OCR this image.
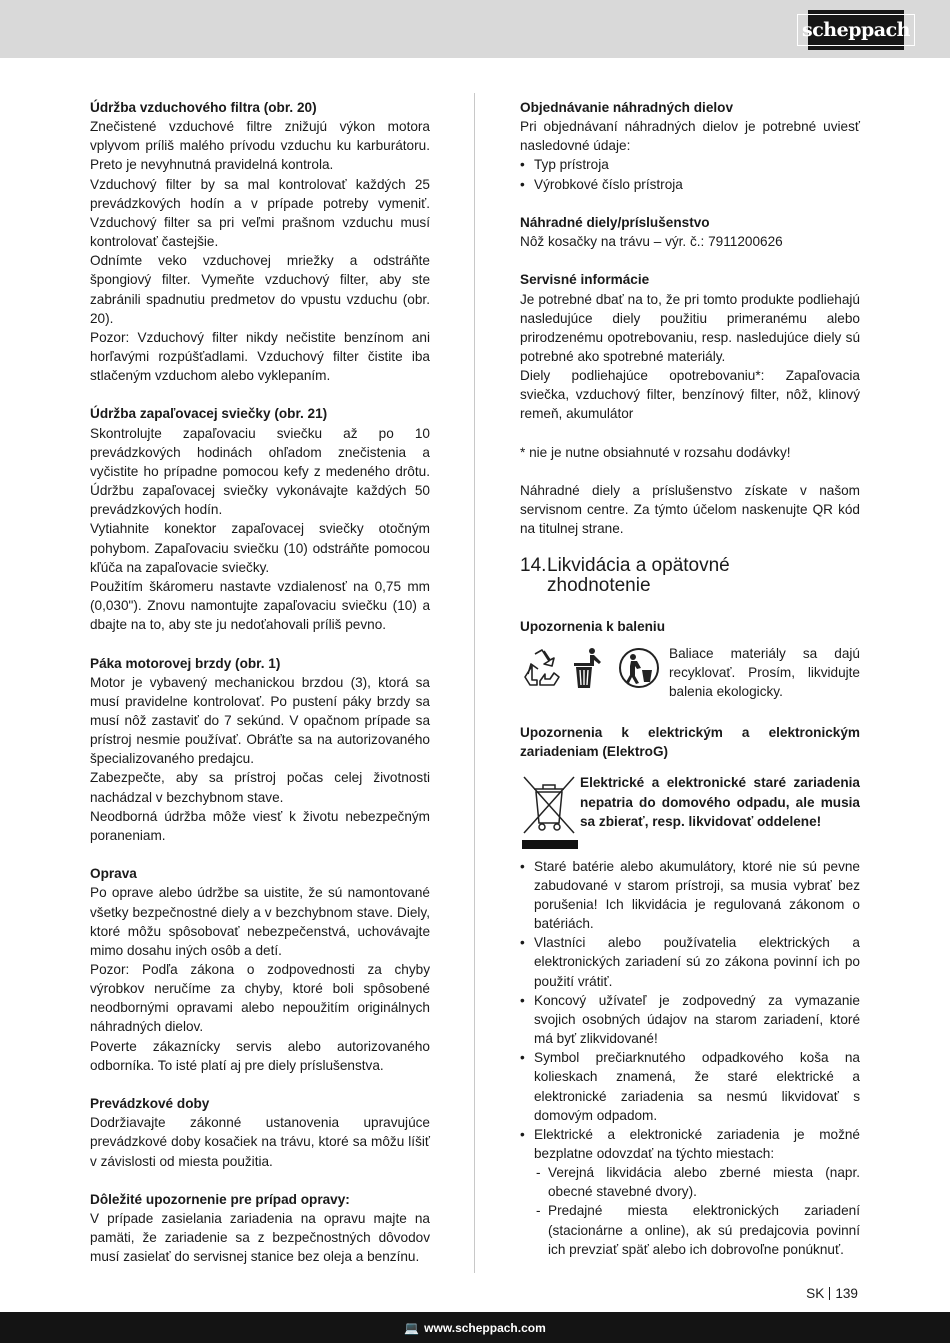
scheppach
Údržba vzduchového filtra (obr. 20)

Znečistené vzduchové filtre znižujú výkon motora vplyvom príliš malého prívodu vzduchu ku karburátoru. Preto je nevyhnutná pravidelná kontrola.

Vzduchový filter by sa mal kontrolovať každých 25 prevádzkových hodín a v prípade potreby vymeniť. Vzduchový filter sa pri veľmi prašnom vzduchu musí kontrolovať častejšie.

Odnímte veko vzduchovej mriežky a odstráňte špongiový filter. Vymeňte vzduchový filter, aby ste zabránili spadnutiu predmetov do vpustu vzduchu (obr. 20).

Pozor: Vzduchový filter nikdy nečistite benzínom ani horľavými rozpúšťadlami. Vzduchový filter čistite iba stlačeným vzduchom alebo vyklepaním.

Údržba zapaľovacej sviečky (obr. 21)

Skontrolujte zapaľovaciu sviečku až po 10 prevádzkových hodinách ohľadom znečistenia a vyčistite ho prípadne pomocou kefy z medeného drôtu. Údržbu zapaľovacej sviečky vykonávajte každých 50 prevádzkových hodín.

Vytiahnite konektor zapaľovacej sviečky otočným pohybom. Zapaľovaciu sviečku (10) odstráňte pomocou kľúča na zapaľovacie sviečky.

Použitím škáromeru nastavte vzdialenosť na 0,75 mm (0,030"). Znovu namontujte zapaľovaciu sviečku (10) a dbajte na to, aby ste ju nedoťahovali príliš pevno.

Páka motorovej brzdy (obr. 1)

Motor je vybavený mechanickou brzdou (3), ktorá sa musí pravidelne kontrolovať. Po pustení páky brzdy sa musí nôž zastaviť do 7 sekúnd. V opačnom prípade sa prístroj nesmie používať. Obráťte sa na autorizovaného špecializovaného predajcu.

Zabezpečte, aby sa prístroj počas celej životnosti nachádzal v bezchybnom stave.

Neodborná údržba môže viesť k životu nebezpečným poraneniam.

Oprava

Po oprave alebo údržbe sa uistite, že sú namontované všetky bezpečnostné diely a v bezchybnom stave. Diely, ktoré môžu spôsobovať nebezpečenstvá, uchovávajte mimo dosahu iných osôb a detí.

Pozor: Podľa zákona o zodpovednosti za chyby výrobkov neručíme za chyby, ktoré boli spôsobené neodbornými opravami alebo nepoužitím originálnych náhradných dielov.

Poverte zákaznícky servis alebo autorizovaného odborníka. To isté platí aj pre diely príslušenstva.

Prevádzkové doby

Dodržiavajte zákonné ustanovenia upravujúce prevádzkové doby kosačiek na trávu, ktoré sa môžu líšiť v závislosti od miesta použitia.

Dôležité upozornenie pre prípad opravy:

V prípade zasielania zariadenia na opravu majte na pamäti, že zariadenie sa z bezpečnostných dôvodov musí zasielať do servisnej stanice bez oleja a benzínu.

Objednávanie náhradných dielov

Pri objednávaní náhradných dielov je potrebné uviesť nasledovné údaje:

• Typ prístroja
• Výrobkové číslo prístroja
Náhradné diely/príslušenstvo

Nôž kosačky na trávu – výr. č.: 7911200626

Servisné informácie

Je potrebné dbať na to, že pri tomto produkte podliehajú nasledujúce diely použitiu primeranému alebo prirodzenému opotrebovaniu, resp. nasledujúce diely sú potrebné ako spotrebné materiály.

Diely podliehajúce opotrebovaniu*: Zapaľovacia sviečka, vzduchový filter, benzínový filter, nôž, klinový remeň, akumulátor

* nie je nutne obsiahnuté v rozsahu dodávky!

Náhradné diely a príslušenstvo získate v našom servisnom centre. Za týmto účelom naskenujte QR kód na titulnej strane.

14. Likvidácia a opätovné
zhodnotenie
Upozornenia k baleniu

Baliace materiály sa dajú recyklovať. Prosím, likvidujte balenia ekologicky.

Upozornenia k elektrickým a elektronickým zariadeniam (ElektroG)

Elektrické a elektronické staré zariadenia nepatria do domového odpadu, ale musia sa zbierať, resp. likvidovať oddelene!

• Staré batérie alebo akumulátory, ktoré nie sú pevne zabudované v starom prístroji, sa musia vybrať bez porušenia! Ich likvidácia je regulovaná zákonom o batériách.
• Vlastníci alebo používatelia elektrických a elektronických zariadení sú zo zákona povinní ich po použití vrátiť.
• Koncový užívateľ je zodpovedný za vymazanie svojich osobných údajov na starom zariadení, ktoré má byť zlikvidované!
• Symbol prečiarknutého odpadkového koša na kolieskach znamená, že staré elektrické a elektronické zariadenia sa nesmú likvidovať s domovým odpadom.
• Elektrické a elektronické zariadenia je možné bezplatne odovzdať na týchto miestach:
- Verejná likvidácia alebo zberné miesta (napr. obecné stavebné dvory).
- Predajné miesta elektronických zariadení (stacionárne a online), ak sú predajcovia povinní ich prevziať späť alebo ich dobrovoľne ponúknuť.
SK 139
💻 www.scheppach.com
